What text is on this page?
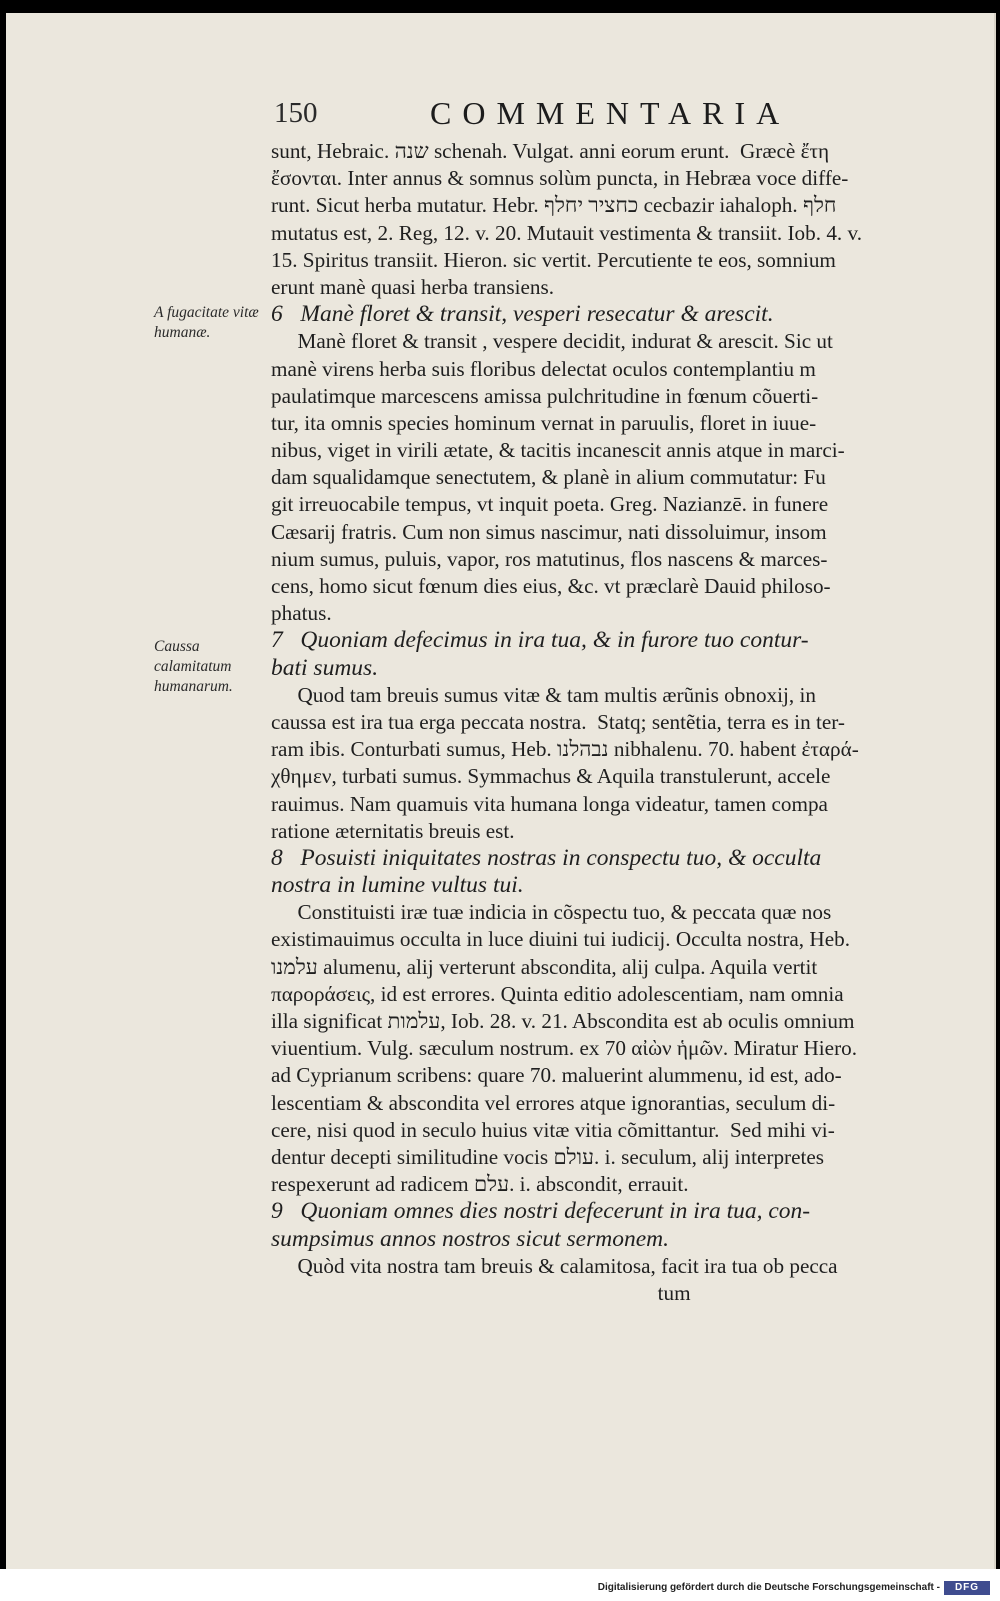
150	COMMENTARIA
A fugacitate vitæ humanæ.
Caussa calamitatum humanarum.
sunt, Hebraic. שנה schenah. Vulgat. anni eorum erunt.  Græcè ἔτη
ἔσονται. Inter annus & somnus solùm puncta, in Hebræa voce diffe-
runt. Sicut herba mutatur. Hebr. כחציר יחלף cecbazir iahaloph. חלף
mutatus est, 2. Reg, 12. v. 20. Mutauit vestimenta & transiit. Iob. 4. v.
15. Spiritus transiit. Hieron. sic vertit. Percutiente te eos, somnium
erunt manè quasi herba transiens.
6   Manè floret & transit, vesperi resecatur & arescit.
Manè floret & transit , vespere decidit, indurat & arescit. Sic ut
manè virens herba suis floribus delectat oculos contemplantiu m
paulatimque marcescens amissa pulchritudine in fœnum cõuerti-
tur, ita omnis species hominum vernat in paruulis, floret in iuue-
nibus, viget in virili ætate, & tacitis incanescit annis atque in marci-
dam squalidamque senectutem, & planè in alium commutatur: Fu
git irreuocabile tempus, vt inquit poeta. Greg. Nazianzē. in funere
Cæsarij fratris. Cum non simus nascimur, nati dissoluimur, insom
nium sumus, puluis, vapor, ros matutinus, flos nascens & marces-
cens, homo sicut fœnum dies eius, &c. vt præclarè Dauid philoso-
phatus.
7   Quoniam defecimus in ira tua, & in furore tuo contur-
bati sumus.
Quod tam breuis sumus vitæ & tam multis ærũnis obnoxij, in
caussa est ira tua erga peccata nostra.  Statq; sentẽtia, terra es in ter-
ram ibis. Conturbati sumus, Heb. נבהלנו nibhalenu. 70. habent ἐταρά-
χθημεν, turbati sumus. Symmachus & Aquila transtulerunt, accele
rauimus. Nam quamuis vita humana longa videatur, tamen compa
ratione æternitatis breuis est.
8   Posuisti iniquitates nostras in conspectu tuo, & occulta
nostra in lumine vultus tui.
Constituisti iræ tuæ indicia in cõspectu tuo, & peccata quæ nos
existimauimus occulta in luce diuini tui iudicij. Occulta nostra, Heb.
עלמנו alumenu, alij verterunt abscondita, alij culpa. Aquila vertit
παροράσεις, id est errores. Quinta editio adolescentiam, nam omnia
illa significat עלמות, Iob. 28. v. 21. Abscondita est ab oculis omnium
viuentium. Vulg. sæculum nostrum. ex 70 αἰὼν ἡμῶν. Miratur Hiero.
ad Cyprianum scribens: quare 70. maluerint alummenu, id est, ado-
lescentiam & abscondita vel errores atque ignorantias, seculum di-
cere, nisi quod in seculo huius vitæ vitia cõmittantur.  Sed mihi vi-
dentur decepti similitudine vocis עולם. i. seculum, alij interpretes
respexerunt ad radicem עלם. i. abscondit, errauit.
9   Quoniam omnes dies nostri defecerunt in ira tua, con-
sumpsimus annos nostros sicut sermonem.
Quòd vita nostra tam breuis & calamitosa, facit ira tua ob pecca
tum
Digitalisierung gefördert durch die Deutsche Forschungsgemeinschaft -	DFG
